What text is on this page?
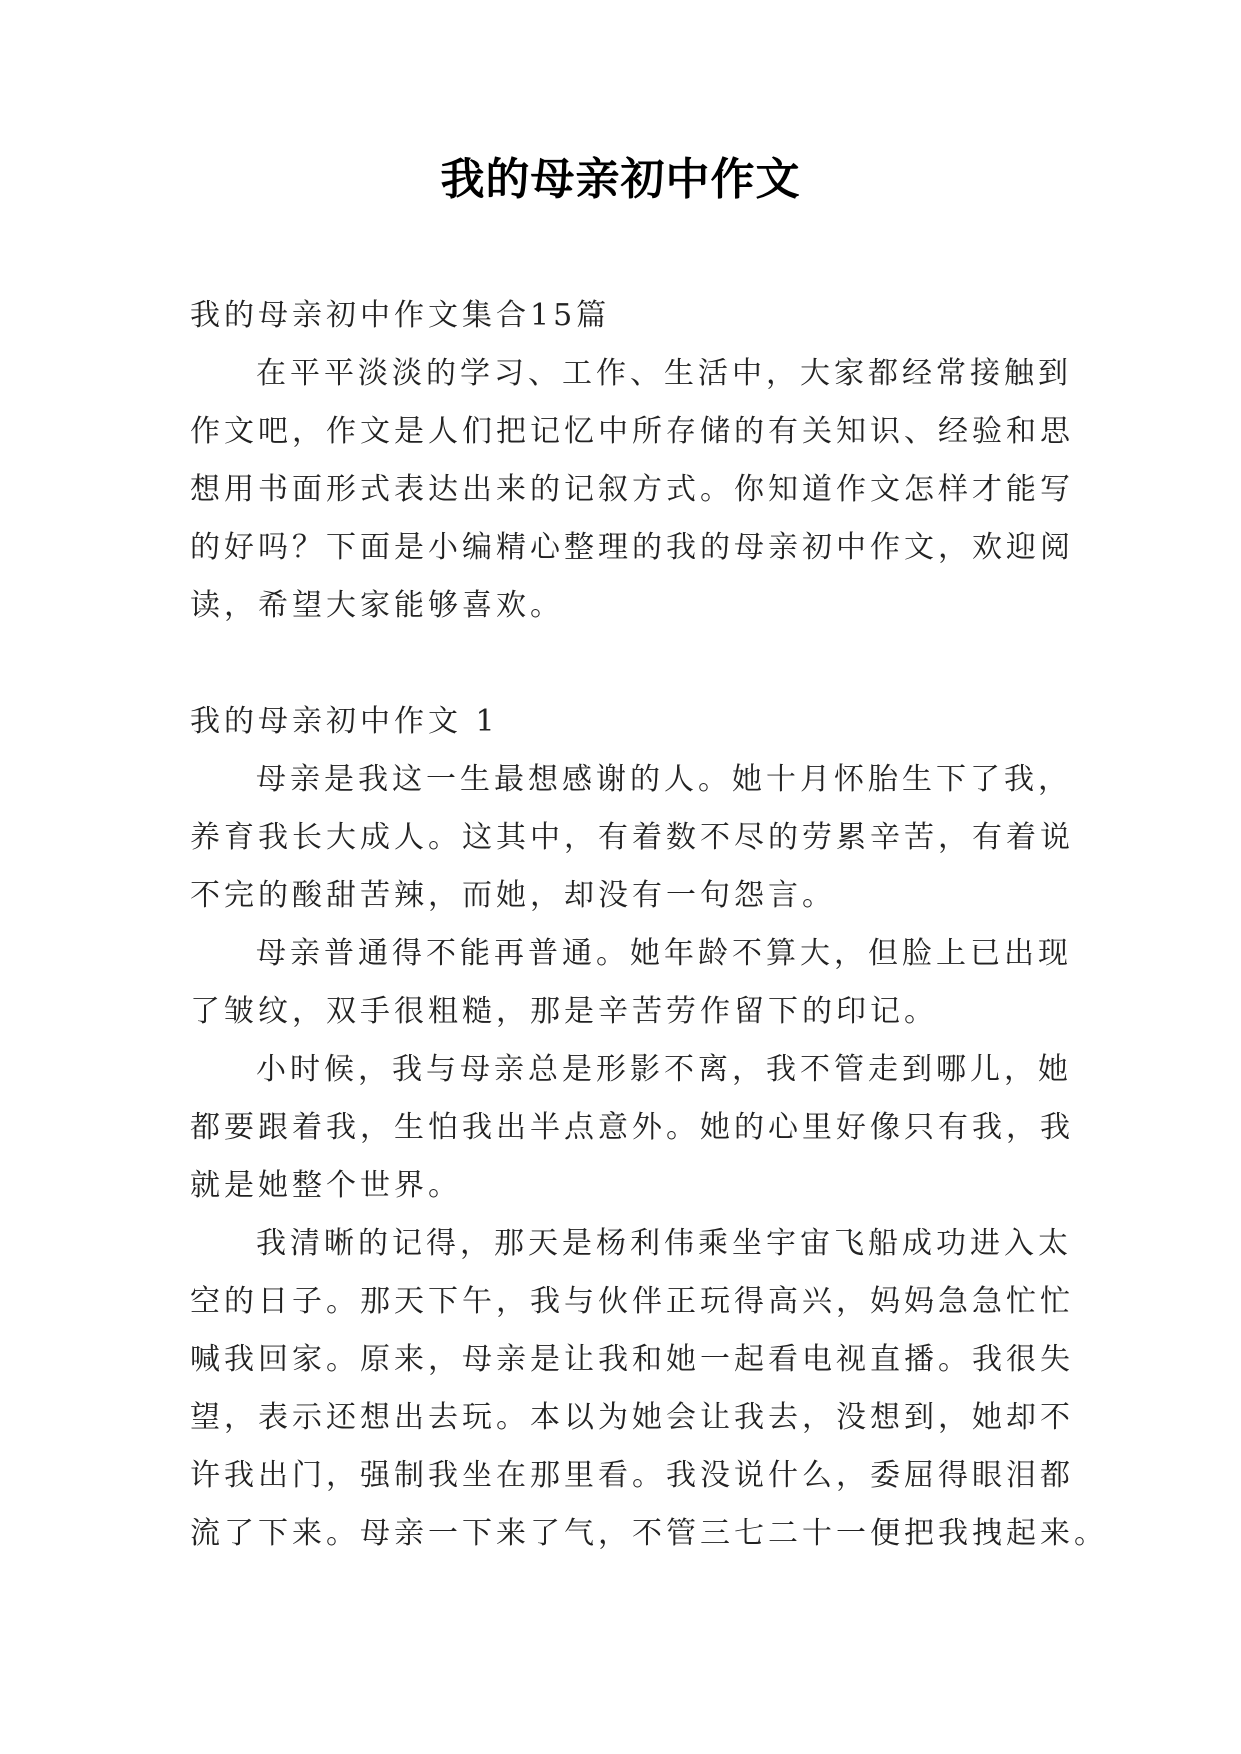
我的母亲初中作文
我的母亲初中作文集合15篇
在平平淡淡的学习、工作、生活中，大家都经常接触到
作文吧，作文是人们把记忆中所存储的有关知识、经验和思
想用书面形式表达出来的记叙方式。你知道作文怎样才能写
的好吗？下面是小编精心整理的我的母亲初中作文，欢迎阅
读，希望大家能够喜欢。
我的母亲初中作文 1
母亲是我这一生最想感谢的人。她十月怀胎生下了我，
养育我长大成人。这其中，有着数不尽的劳累辛苦，有着说
不完的酸甜苦辣，而她，却没有一句怨言。
母亲普通得不能再普通。她年龄不算大，但脸上已出现
了皱纹，双手很粗糙，那是辛苦劳作留下的印记。
小时候，我与母亲总是形影不离，我不管走到哪儿，她
都要跟着我，生怕我出半点意外。她的心里好像只有我，我
就是她整个世界。
我清晰的记得，那天是杨利伟乘坐宇宙飞船成功进入太
空的日子。那天下午，我与伙伴正玩得高兴，妈妈急急忙忙
喊我回家。原来，母亲是让我和她一起看电视直播。我很失
望，表示还想出去玩。本以为她会让我去，没想到，她却不
许我出门，强制我坐在那里看。我没说什么，委屈得眼泪都
流了下来。母亲一下来了气，不管三七二十一便把我拽起来。
